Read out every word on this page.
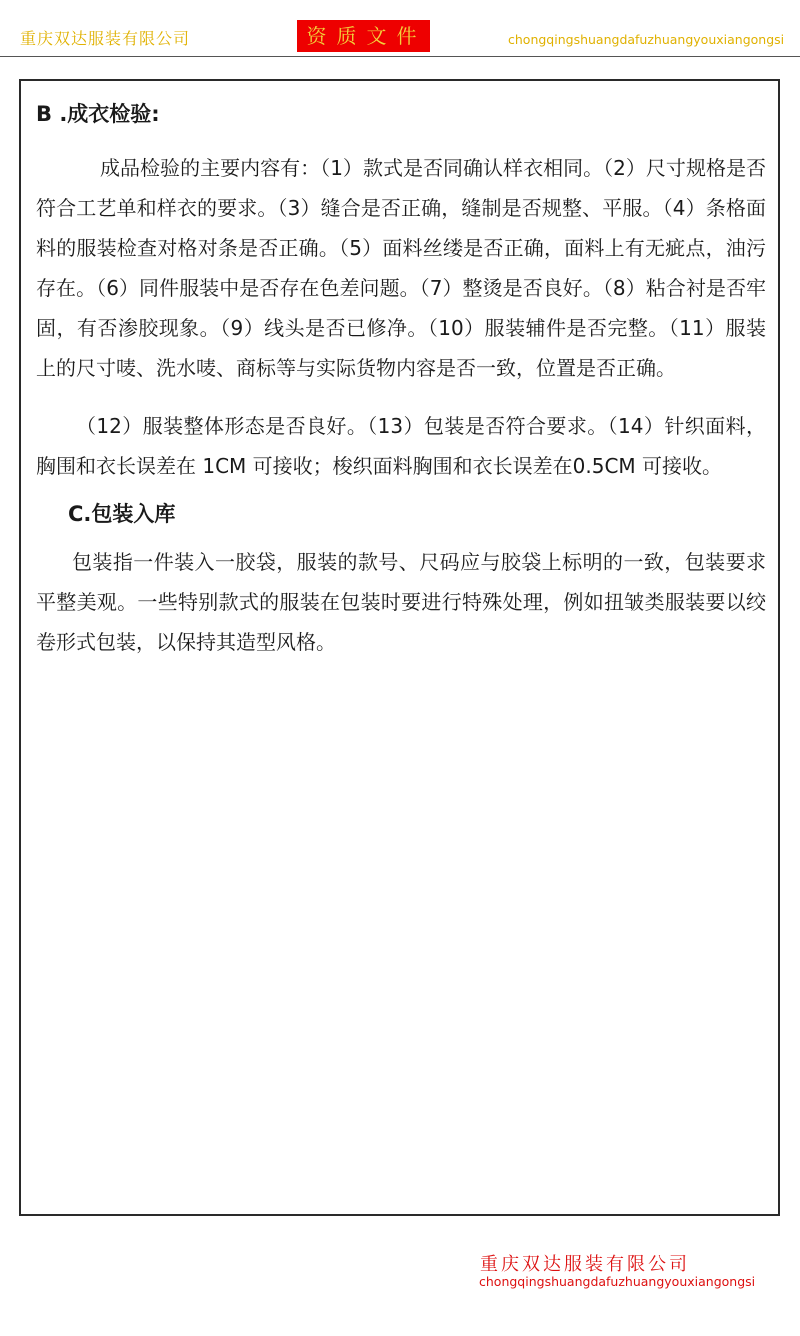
重庆双达服装有限公司	资质文件	chongqingshuangdafuzhuangyouxiangongsi

B .成衣检验:

成品检验的主要内容有：（1）款式是否同确认样衣相同。（2）尺寸规格是否符合工艺单和样衣的要求。（3）缝合是否正确，缝制是否规整、平服。（4）条格面料的服装检查对格对条是否正确。（5）面料丝缕是否正确，面料上有无疵点，油污存在。（6）同件服装中是否存在色差问题。（7）整烫是否良好。（8）粘合衬是否牢固，有否渗胶现象。（9）线头是否已修净。（10）服装辅件是否完整。（11）服装上的尺寸唛、洗水唛、商标等与实际货物内容是否一致，位置是否正确。

（12）服装整体形态是否良好。（13）包装是否符合要求。（14）针织面料，胸围和衣长误差在 1CM 可接收；梭织面料胸围和衣长误差在0.5CM 可接收。

C.包装入库

包装指一件装入一胶袋，服装的款号、尺码应与胶袋上标明的一致，包装要求平整美观。一些特别款式的服装在包装时要进行特殊处理，例如扭皱类服装要以绞卷形式包装，以保持其造型风格。

重庆双达服装有限公司
chongqingshuangdafuzhuangyouxiangongsi
